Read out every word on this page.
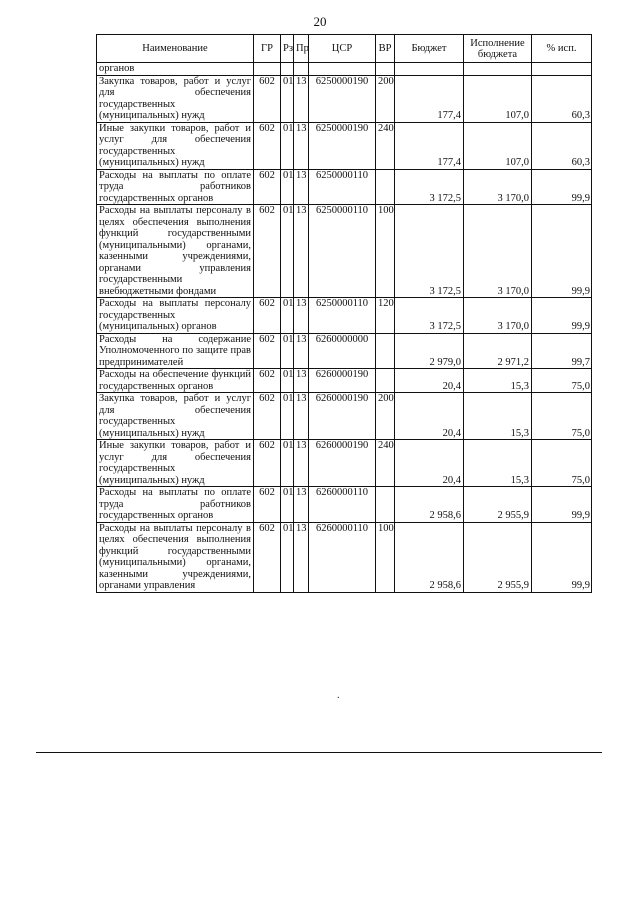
20
Наименование	ГР	Рз	Пр	ЦСР	ВР	Бюджет	Исполнение бюджета	% исп.
органов								
Закупка товаров, работ и услуг для обеспечения государственных (муниципальных) нужд	602	01	13	6250000190	200	177,4	107,0	60,3
Иные закупки товаров, работ и услуг для обеспечения государственных (муниципальных) нужд	602	01	13	6250000190	240	177,4	107,0	60,3
Расходы на выплаты по оплате труда работников государственных органов	602	01	13	6250000110		3 172,5	3 170,0	99,9
Расходы на выплаты персоналу в целях обеспечения выполнения функций государственными (муниципальными) органами, казенными учреждениями, органами управления государственными внебюджетными фондами	602	01	13	6250000110	100	3 172,5	3 170,0	99,9
Расходы на выплаты персоналу государственных (муниципальных) органов	602	01	13	6250000110	120	3 172,5	3 170,0	99,9
Расходы на содержание Уполномоченного по защите прав предпринимателей	602	01	13	6260000000		2 979,0	2 971,2	99,7
Расходы на обеспечение функций государственных органов	602	01	13	6260000190		20,4	15,3	75,0
Закупка товаров, работ и услуг для обеспечения государственных (муниципальных) нужд	602	01	13	6260000190	200	20,4	15,3	75,0
Иные закупки товаров, работ и услуг для обеспечения государственных (муниципальных) нужд	602	01	13	6260000190	240	20,4	15,3	75,0
Расходы на выплаты по оплате труда работников государственных органов	602	01	13	6260000110		2 958,6	2 955,9	99,9
Расходы на выплаты персоналу в целях обеспечения выполнения функций государственными (муниципальными) органами, казенными учреждениями, органами управления	602	01	13	6260000110	100	2 958,6	2 955,9	99,9
.
